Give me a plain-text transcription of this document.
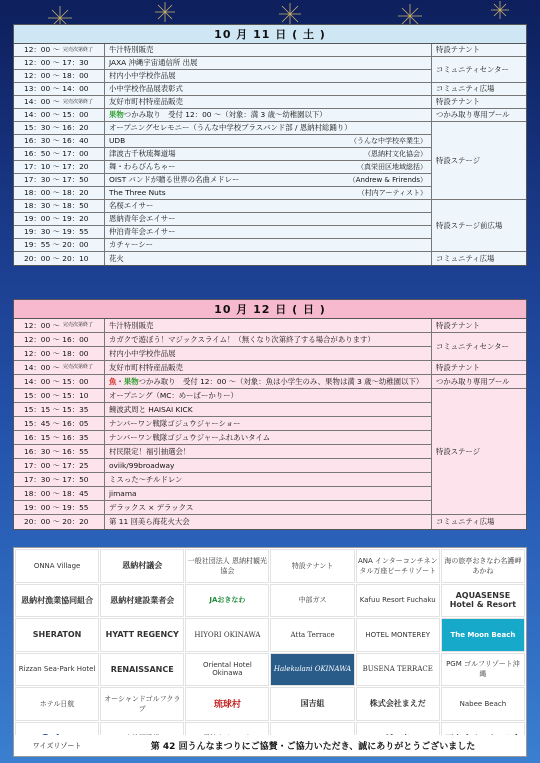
10 月 11 日 ( 土 )
12：00 〜 完売次第終了	牛汁特別販売	特設テナント
12：00 〜 17：30	JAXA 沖縄宇宙通信所 出展
コミュニティセンター
12：00 〜 18：00	村内小中学校作品展
13：00 〜 14：00	小中学校作品展表彰式	コミュニティ広場
14：00 〜 完売次第終了	友好市町村特産品販売	特設テナント
14：00 〜 15：00	果物 つかみ取り　受付 12：00 〜（対象：満 3 歳〜幼稚園以下）	つかみ取り専用プール
15：30 〜 16：20	オープニングセレモニー（うんな中学校ブラスバンド部 / 恩納村総踊り）
特設ステージ
16：30 〜 16：40	UDB	（うんな中学校卒業生）
16：50 〜 17：00	津波古千秋琉舞道場	（恩納村文化協会）
17：10 〜 17：20	舞・わらびんちゃー	（真栄田区地域総括）
17：30 〜 17：50	OIST バンドが贈る世界の名曲メドレー	（Andrew & Frirends）
18：00 〜 18：20	The Three Nuts	（村内アーティスト）
18：30 〜 18：50	名桜エイサー
特設ステージ前広場
19：00 〜 19：20	恩納青年会エイサー
19：30 〜 19：55	仲泊青年会エイサー
19：55 〜 20：00	カチャーシー
20：00 〜 20：10	花火	コミュニティ広場
10 月 12 日 ( 日 )
12：00 〜 完売次第終了	牛汁特別販売	特設テナント
12：00 〜 16：00	カガクで遊ぼう！マジックスライム！（無くなり次第終了する場合があります）
コミュニティセンター
12：00 〜 18：00	村内小中学校作品展
14：00 〜 完売次第終了	友好市町村特産品販売	特設テナント
14：00 〜 15：00	魚 ・ 果物 つかみ取り　受付 12：00 〜（対象：魚は小学生のみ、果物は満 3 歳〜幼稚園以下）	つかみ取り専用プール
15：00 〜 15：10	オープニング（MC：めーばーかりー）
特設ステージ
15：15 〜 15：35	饒波武周と HAISAI KICK
15：45 〜 16：05	ナンバーワン戦隊ゴジュウジャーショー
16：15 〜 16：35	ナンバーワン戦隊ゴジュウジャーふれあいタイム
16：30 〜 16：55	村民限定！福引抽選会！
17：00 〜 17：25	oviik/99broadway
17：30 〜 17：50	ミスった〜チルドレン
18：00 〜 18：45	jimama
19：00 〜 19：55	デラックス × デラックス
20：00 〜 20：20	第 11 回美ら海花火大会	コミュニティ広場
ONNA Village	恩納村議会	一般社団法人 恩納村観光協会
特設テナント
ANA インターコンチネンタル万座ビーチリゾート
海の旅亭おきなわ名護岬 あかね
恩納村漁業協同組合	恩納村建設業者会	JAおきなわ	中部ガス	Kafuu Resort Fuchaku	AQUASENSE Hotel & Resort
SHERATON	HYATT REGENCY	HIYORI OKINAWA	Atta Terrace	HOTEL MONTEREY	The Moon Beach
Rizzan Sea-Park Hotel	RENAISSANCE	Oriental Hotel Okinawa	Halekulani OKINAWA	BUSENA TERRACE
PGM ゴルフリゾート沖縄
ホテル日航
オーシャンドゴルフクラブ	琉球村	国吉組	株式会社まえだ	Nabee Beach
ワイズリゾート	第 42 回うんなまつりにご協賛・ご協力いただき、誠にありがとうございました
